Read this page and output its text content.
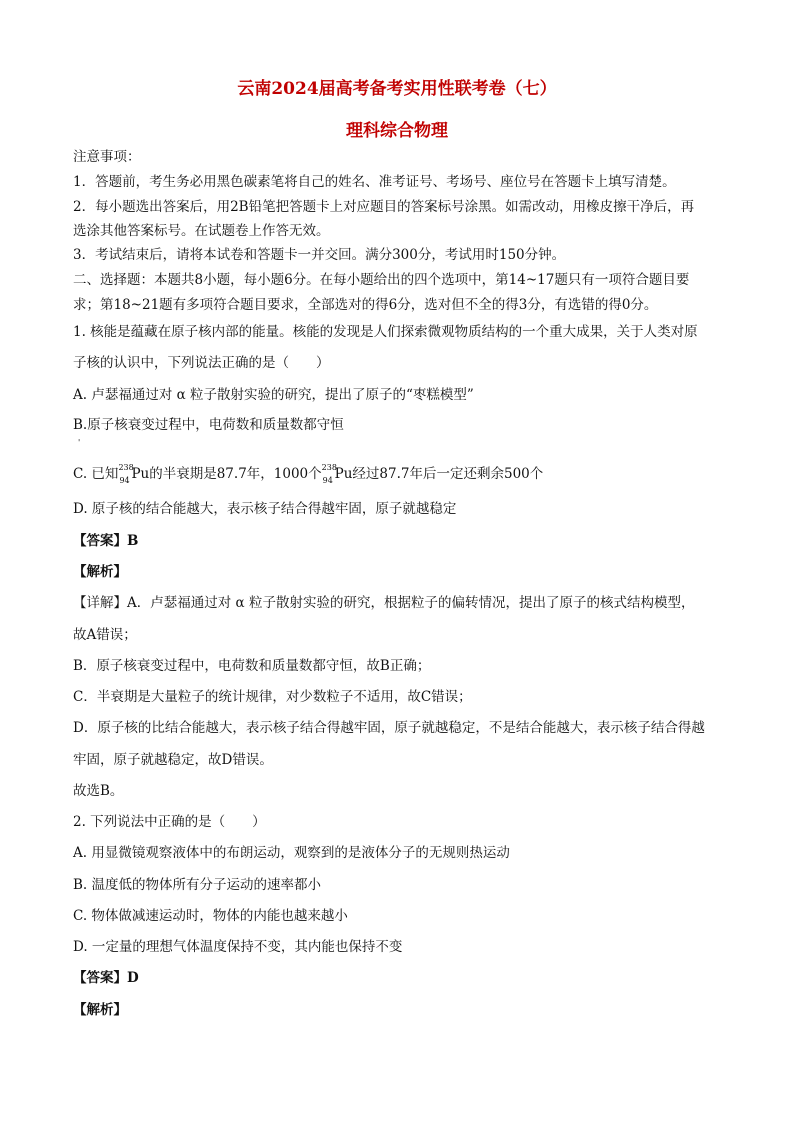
云南2024届高考备考实用性联考卷（七）
理科综合物理
注意事项：
1．答题前，考生务必用黑色碳素笔将自己的姓名、准考证号、考场号、座位号在答题卡上填写清楚。
2．每小题选出答案后，用2B铅笔把答题卡上对应题目的答案标号涂黑。如需改动，用橡皮擦干净后，再
选涂其他答案标号。在试题卷上作答无效。
3．考试结束后，请将本试卷和答题卡一并交回。满分300分，考试用时150分钟。
二、选择题：本题共8小题，每小题6分。在每小题给出的四个选项中，第14~17题只有一项符合题目要
求；第18~21题有多项符合题目要求，全部选对的得6分，选对但不全的得3分，有选错的得0分。
1. 核能是蕴藏在原子核内部的能量。核能的发现是人们探索微观物质结构的一个重大成果，关于人类对原
子核的认识中，下列说法正确的是（　　）
A. 卢瑟福通过对 α 粒子散射实验的研究，提出了原子的“枣糕模型”
B.原子核衰变过程中，电荷数和质量数都守恒
'
C. 已知 238
94 Pu的半衰期是87.7年，1000个 238
94 Pu经过87.7年后一定还剩余500个
D. 原子核的结合能越大，表示核子结合得越牢固，原子就越稳定
【答案】B
【解析】
【详解】A．卢瑟福通过对 α 粒子散射实验的研究，根据粒子的偏转情况，提出了原子的核式结构模型，
故A错误；
B．原子核衰变过程中，电荷数和质量数都守恒，故B正确；
C．半衰期是大量粒子的统计规律，对少数粒子不适用，故C错误；
D．原子核的比结合能越大，表示核子结合得越牢固，原子就越稳定，不是结合能越大，表示核子结合得越
牢固，原子就越稳定，故D错误。
故选B。
2. 下列说法中正确的是（　　）
A. 用显微镜观察液体中的布朗运动，观察到的是液体分子的无规则热运动
B. 温度低的物体所有分子运动的速率都小
C. 物体做减速运动时，物体的内能也越来越小
D. 一定量的理想气体温度保持不变，其内能也保持不变
【答案】D
【解析】
